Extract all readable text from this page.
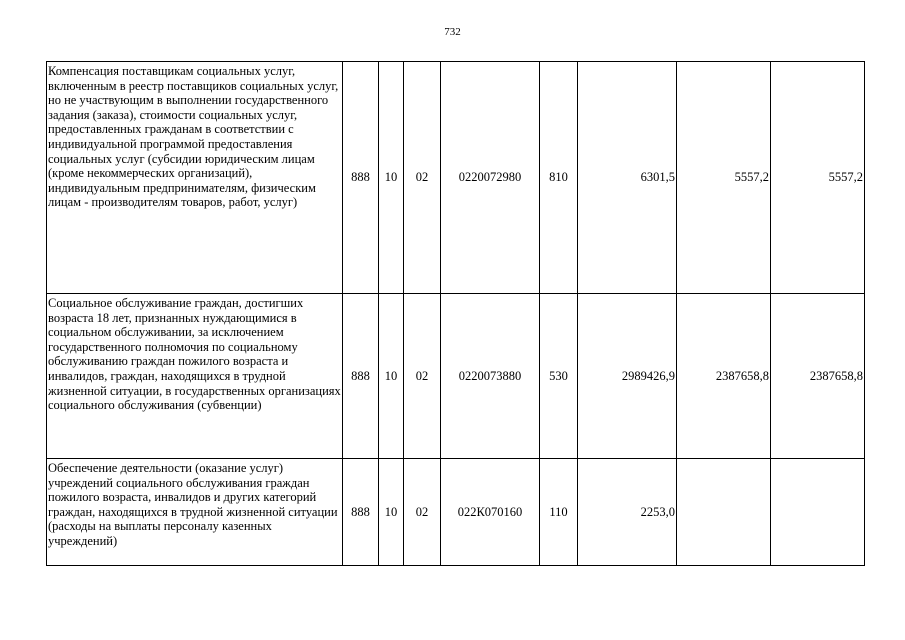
732
Компенсация поставщикам социальных услуг, включенным в реестр поставщиков социальных услуг, но не участвующим в выполнении государственного задания (заказа), стоимости социальных услуг, предоставленных гражданам в соответствии с индивидуальной программой предоставления социальных услуг (субсидии юридическим лицам (кроме некоммерческих организаций), индивидуальным предпринимателям, физическим лицам - производителям товаров, работ, услуг)	888	10	02	0220072980	810	6301,5	5557,2	5557,2
Социальное обслуживание граждан, достигших возраста 18 лет, признанных нуждающимися в социальном обслуживании, за исключением государственного полномочия по социальному обслуживанию граждан пожилого возраста и инвалидов, граждан, находящихся в трудной жизненной ситуации, в государственных организациях социального обслуживания (субвенции)	888	10	02	0220073880	530	2989426,9	2387658,8	2387658,8
Обеспечение деятельности (оказание услуг) учреждений социального обслуживания граждан пожилого возраста, инвалидов и других категорий граждан, находящихся в трудной жизненной ситуации (расходы на выплаты персоналу казенных учреждений)	888	10	02	022К070160	110	2253,0		
